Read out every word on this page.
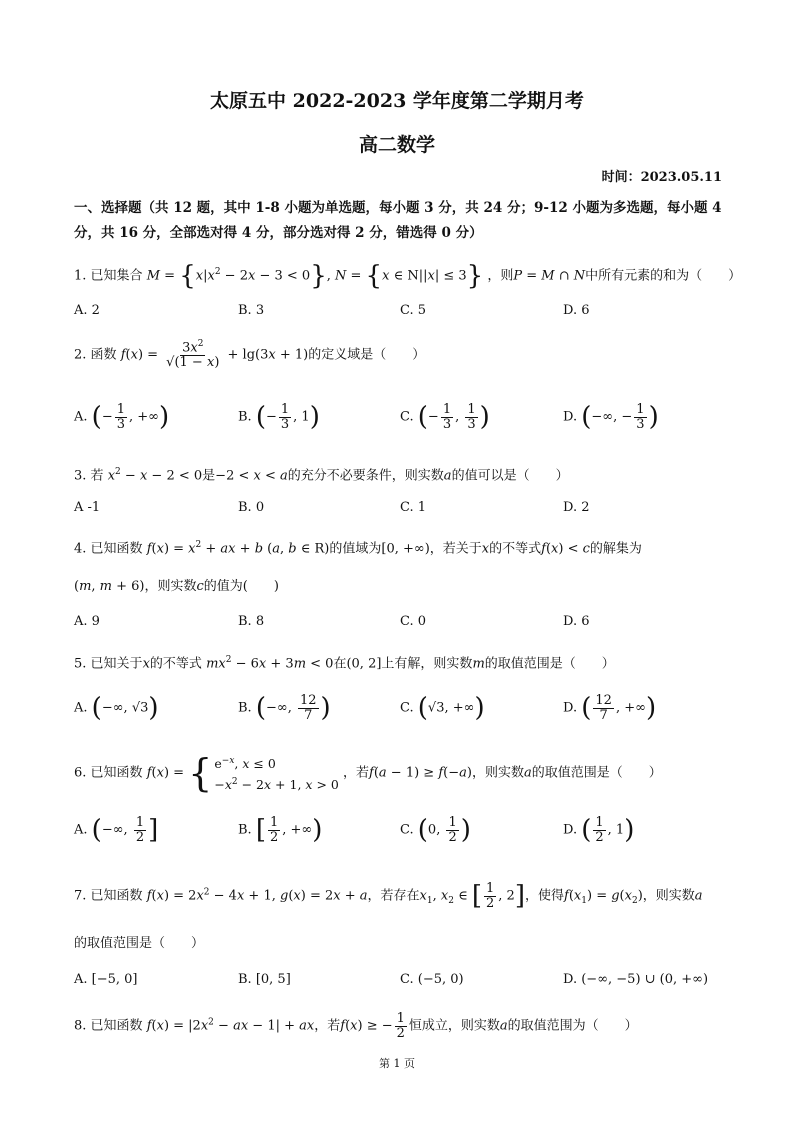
太原五中 2022-2023 学年度第二学期月考
高二数学
时间：2023.05.11
一、选择题（共 12 题，其中 1-8 小题为单选题，每小题 3 分，共 24 分；9-12 小题为多选题，每小题 4 分，共 16 分，全部选对得 4 分，部分选对得 2 分，错选得 0 分）
1. 已知集合 $M = \{x|x^2 - 2x - 3 < 0\}$, N = {x ∈ N||x| ≤ 3} ，则P = M ∩ N中所有元素的和为（　　）
A. 2	B. 3	C. 5	D. 6
2. 函数 $f(x) = \frac{3x^2}{√(1 - x)} + \lg(3x + 1)$的定义域是（　　）
A. (− $\frac{1}{3}$ , +∞)	B. (− $\frac{1}{3}$ , 1)	C. (− $\frac{1}{3}$ , $\frac{1}{3}$ )	D. (−∞, − $\frac{1}{3}$ )
3. 若 $x^2 - x - 2 < 0$是−2 < x < a的充分不必要条件，则实数a的值可以是（　　）
A -1	B. 0	C. 1	D. 2
4. 已知函数 $f(x) = x^2$ + ax + b (a, b ∈ R)的值域为[0, +∞)，若关于x的不等式f(x) < c的解集为
(m, m + 6)，则实数c的值为(　　)
A. 9	B. 8	C. 0	D. 6
5. 已知关于x的不等式 $mx^2 - 6x + 3m < 0$在(0, 2]上有解，则实数m的取值范围是（　　）
A. (−∞, √3)	B. (−∞, $\frac{12}{7}$ )	C. (√3, +∞)	D. ( $\frac{12}{7}$ , +∞)
6. 已知函数 f(x) = { $e^{-x}$, x ≤ 0
$-x^2 - 2x + 1$, x > 0
，若f(a − 1) ≥ f(−a)，则实数a的取值范围是（　　）
A. (−∞, $\frac{1}{2}$ ]	B. [ $\frac{1}{2}$ , +∞)	C. (0, $\frac{1}{2}$ )	D. ( $\frac{1}{2}$ , 1)
7. 已知函数 $f(x) = 2x^2 - 4x + 1$, g(x) = 2x + a，若存在$x_1$, $x_2$ ∈ [ $\frac{1}{2}$ , 2]，使得$f(x_1) = g(x_2)$，则实数a
的取值范围是（　　）
A. [−5, 0]	B. [0, 5]	C. (−5, 0)	D. (−∞, −5) ∪ (0, +∞)
8. 已知函数 $f(x) = |2x^2$ − ax − 1| + ax，若f(x) ≥ − $\frac{1}{2}$ 恒成立，则实数a的取值范围为（　　）
第 1 页
